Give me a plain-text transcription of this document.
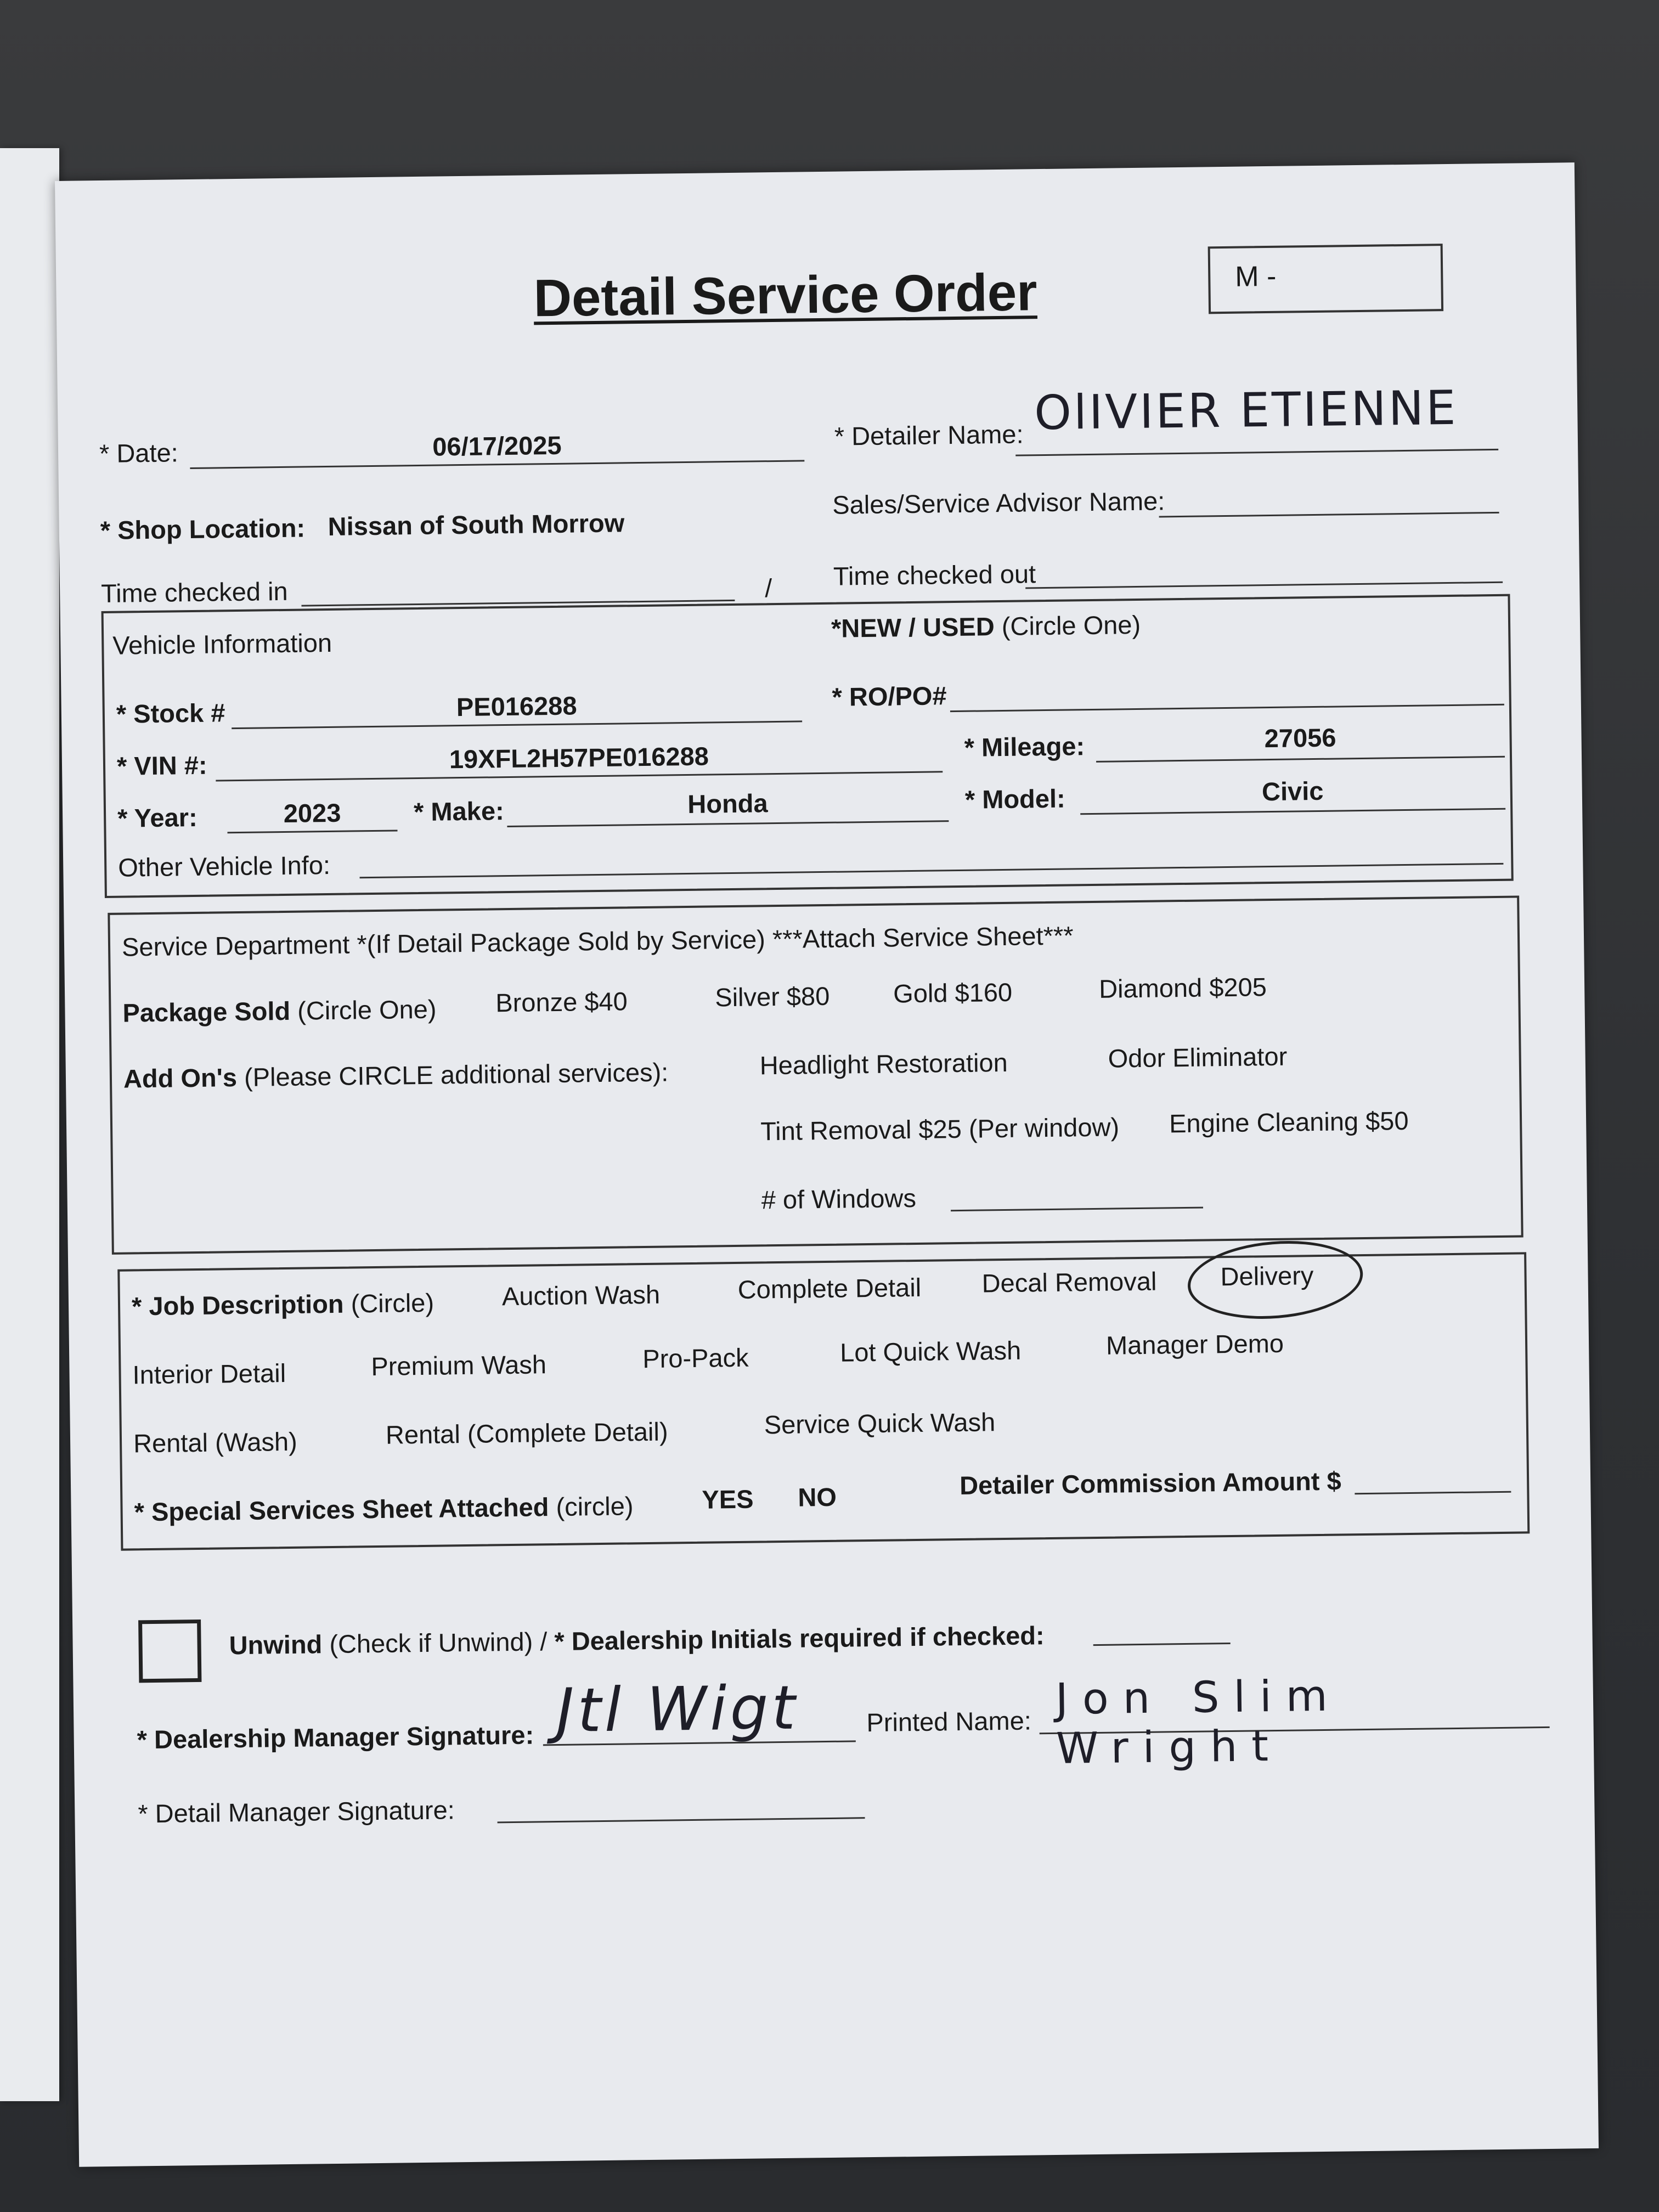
Detail Service Order	M -
* Date:	06/17/2025	* Detailer Name: OlIVIER ETIENNE
* Shop Location: Nissan of South Morrow
Sales/Service Advisor Name:
Time checked in	/ Time checked out
Vehicle Information
*NEW / USED (Circle One)
* Stock #	PE016288	* RO/PO#
* VIN #:	19XFL2H57PE016288	* Mileage:	27056
* Year:	2023	* Make:	Honda	* Model:	Civic
Other Vehicle Info:
Service Department *(If Detail Package Sold by Service) ***Attach Service Sheet***
Package Sold (Circle One) Bronze $40	Silver $80 Gold $160	Diamond $205
Add On's (Please CIRCLE additional services):	Headlight Restoration	Odor Eliminator
Tint Removal $25 (Per window) Engine Cleaning $50
# of Windows
* Job Description (Circle)	Auction Wash	Complete Detail Decal Removal Delivery
Interior Detail	Premium Wash	Pro-Pack	Lot Quick Wash	Manager Demo
Rental (Wash)	Rental (Complete Detail)	Service Quick Wash
* Special Services Sheet Attached (circle)	YES NO	Detailer Commission Amount $
Unwind (Check if Unwind) / * Dealership Initials required if checked:
* Dealership Manager Signature: Jtl Wigt	Printed Name: Jon Slim Wright
* Detail Manager Signature:
